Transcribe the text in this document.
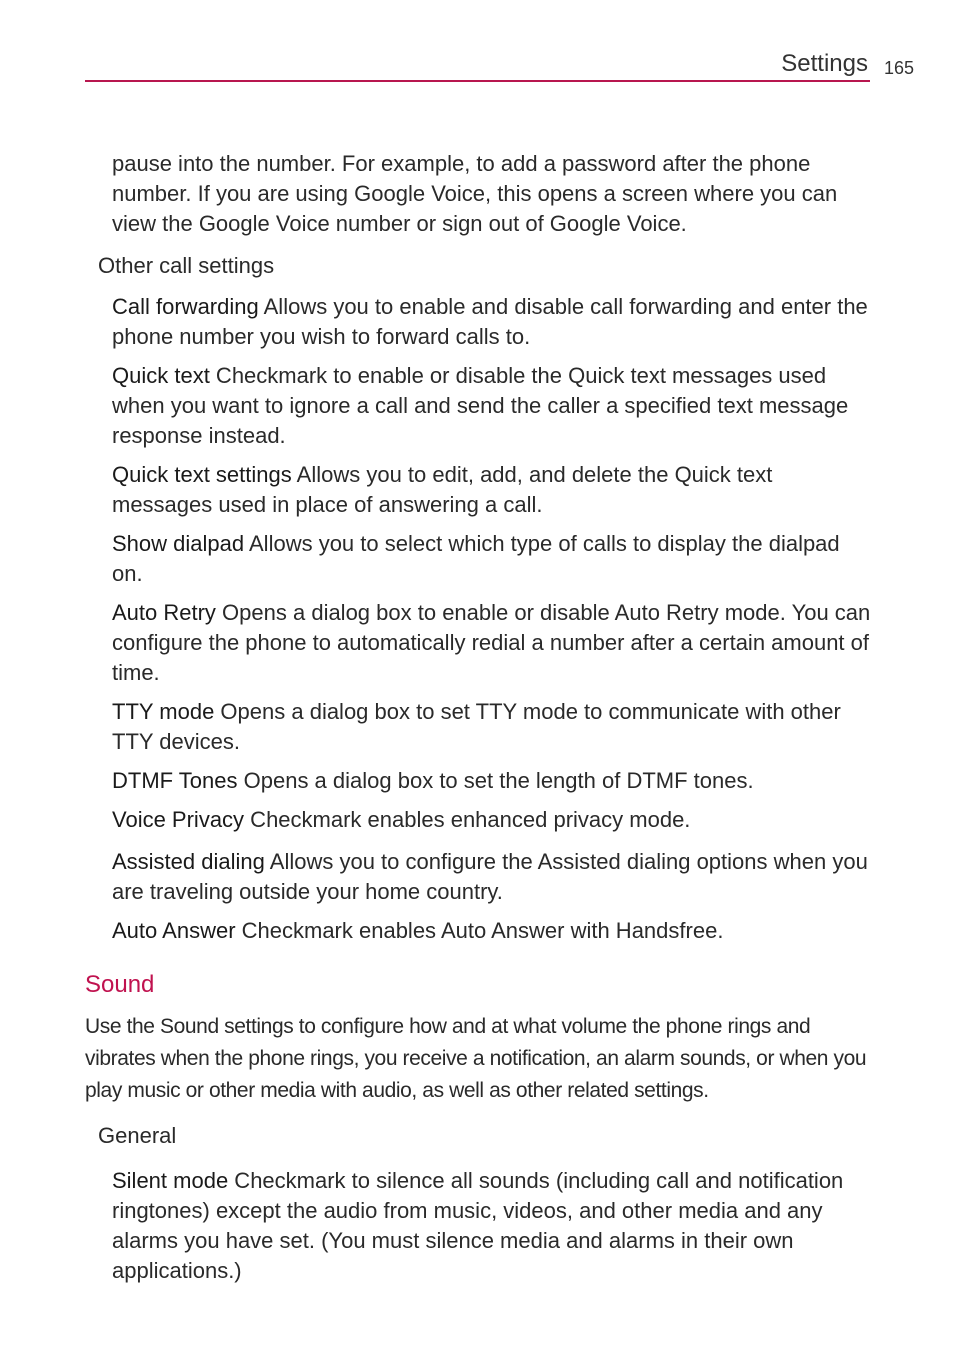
Settings 165

pause into the number. For example, to add a password after the phone number. If you are using Google Voice, this opens a screen where you can view the Google Voice number or sign out of Google Voice.

Other call settings

Call forwarding Allows you to enable and disable call forwarding and enter the phone number you wish to forward calls to.

Quick text Checkmark to enable or disable the Quick text messages used when you want to ignore a call and send the caller a specified text message response instead.

Quick text settings Allows you to edit, add, and delete the Quick text messages used in place of answering a call.

Show dialpad Allows you to select which type of calls to display the dialpad on.

Auto Retry Opens a dialog box to enable or disable Auto Retry mode. You can configure the phone to automatically redial a number after a certain amount of time.

TTY mode Opens a dialog box to set TTY mode to communicate with other TTY devices.

DTMF Tones Opens a dialog box to set the length of DTMF tones.

Voice Privacy Checkmark enables enhanced privacy mode.

Assisted dialing Allows you to configure the Assisted dialing options when you are traveling outside your home country.

Auto Answer Checkmark enables Auto Answer with Handsfree.

Sound

Use the Sound settings to configure how and at what volume the phone rings and vibrates when the phone rings, you receive a notification, an alarm sounds, or when you play music or other media with audio, as well as other related settings.

General

Silent mode Checkmark to silence all sounds (including call and notification ringtones) except the audio from music, videos, and other media and any alarms you have set. (You must silence media and alarms in their own applications.)
